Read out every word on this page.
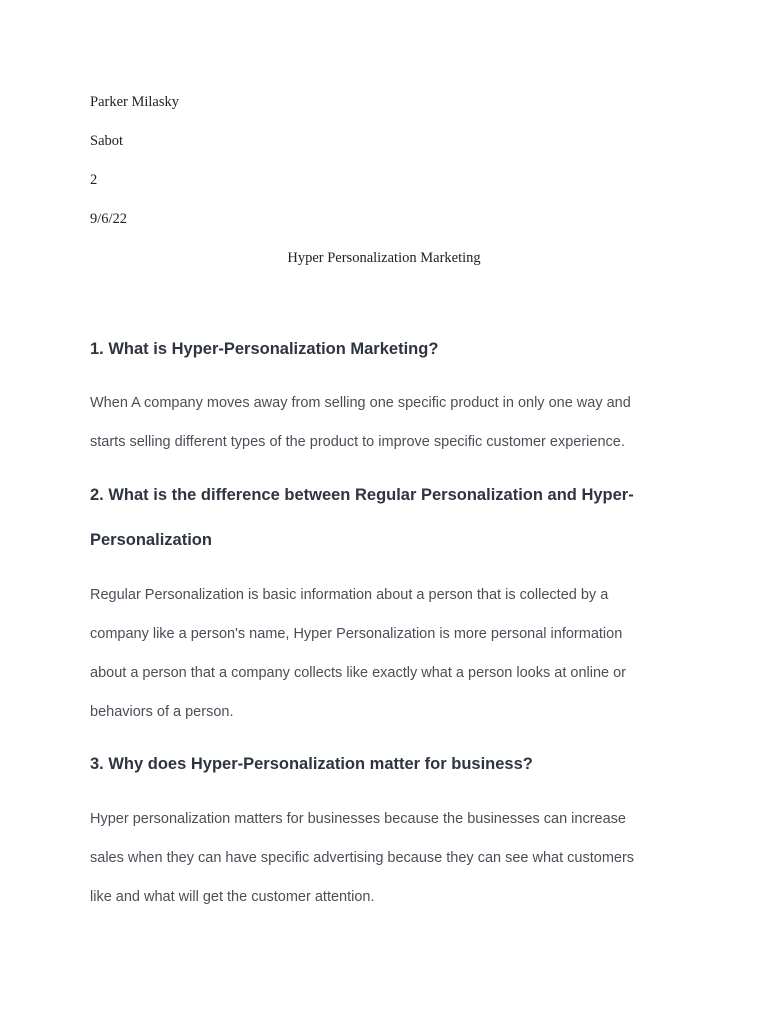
Parker Milasky
Sabot
2
9/6/22
Hyper Personalization Marketing
1. What is Hyper-Personalization Marketing?
When A company moves away from selling one specific product in only one way and
starts selling different types of the product to improve specific customer experience.
2. What is the difference between Regular Personalization and Hyper-
Personalization
Regular Personalization is basic information about a person that is collected by a
company like a person's name, Hyper Personalization is more personal information
about a person that a company collects like exactly what a person looks at online or
behaviors of a person.
3. Why does Hyper-Personalization matter for business?
Hyper personalization matters for businesses because the businesses can increase
sales when they can have specific advertising because they can see what customers
like and what will get the customer attention.
